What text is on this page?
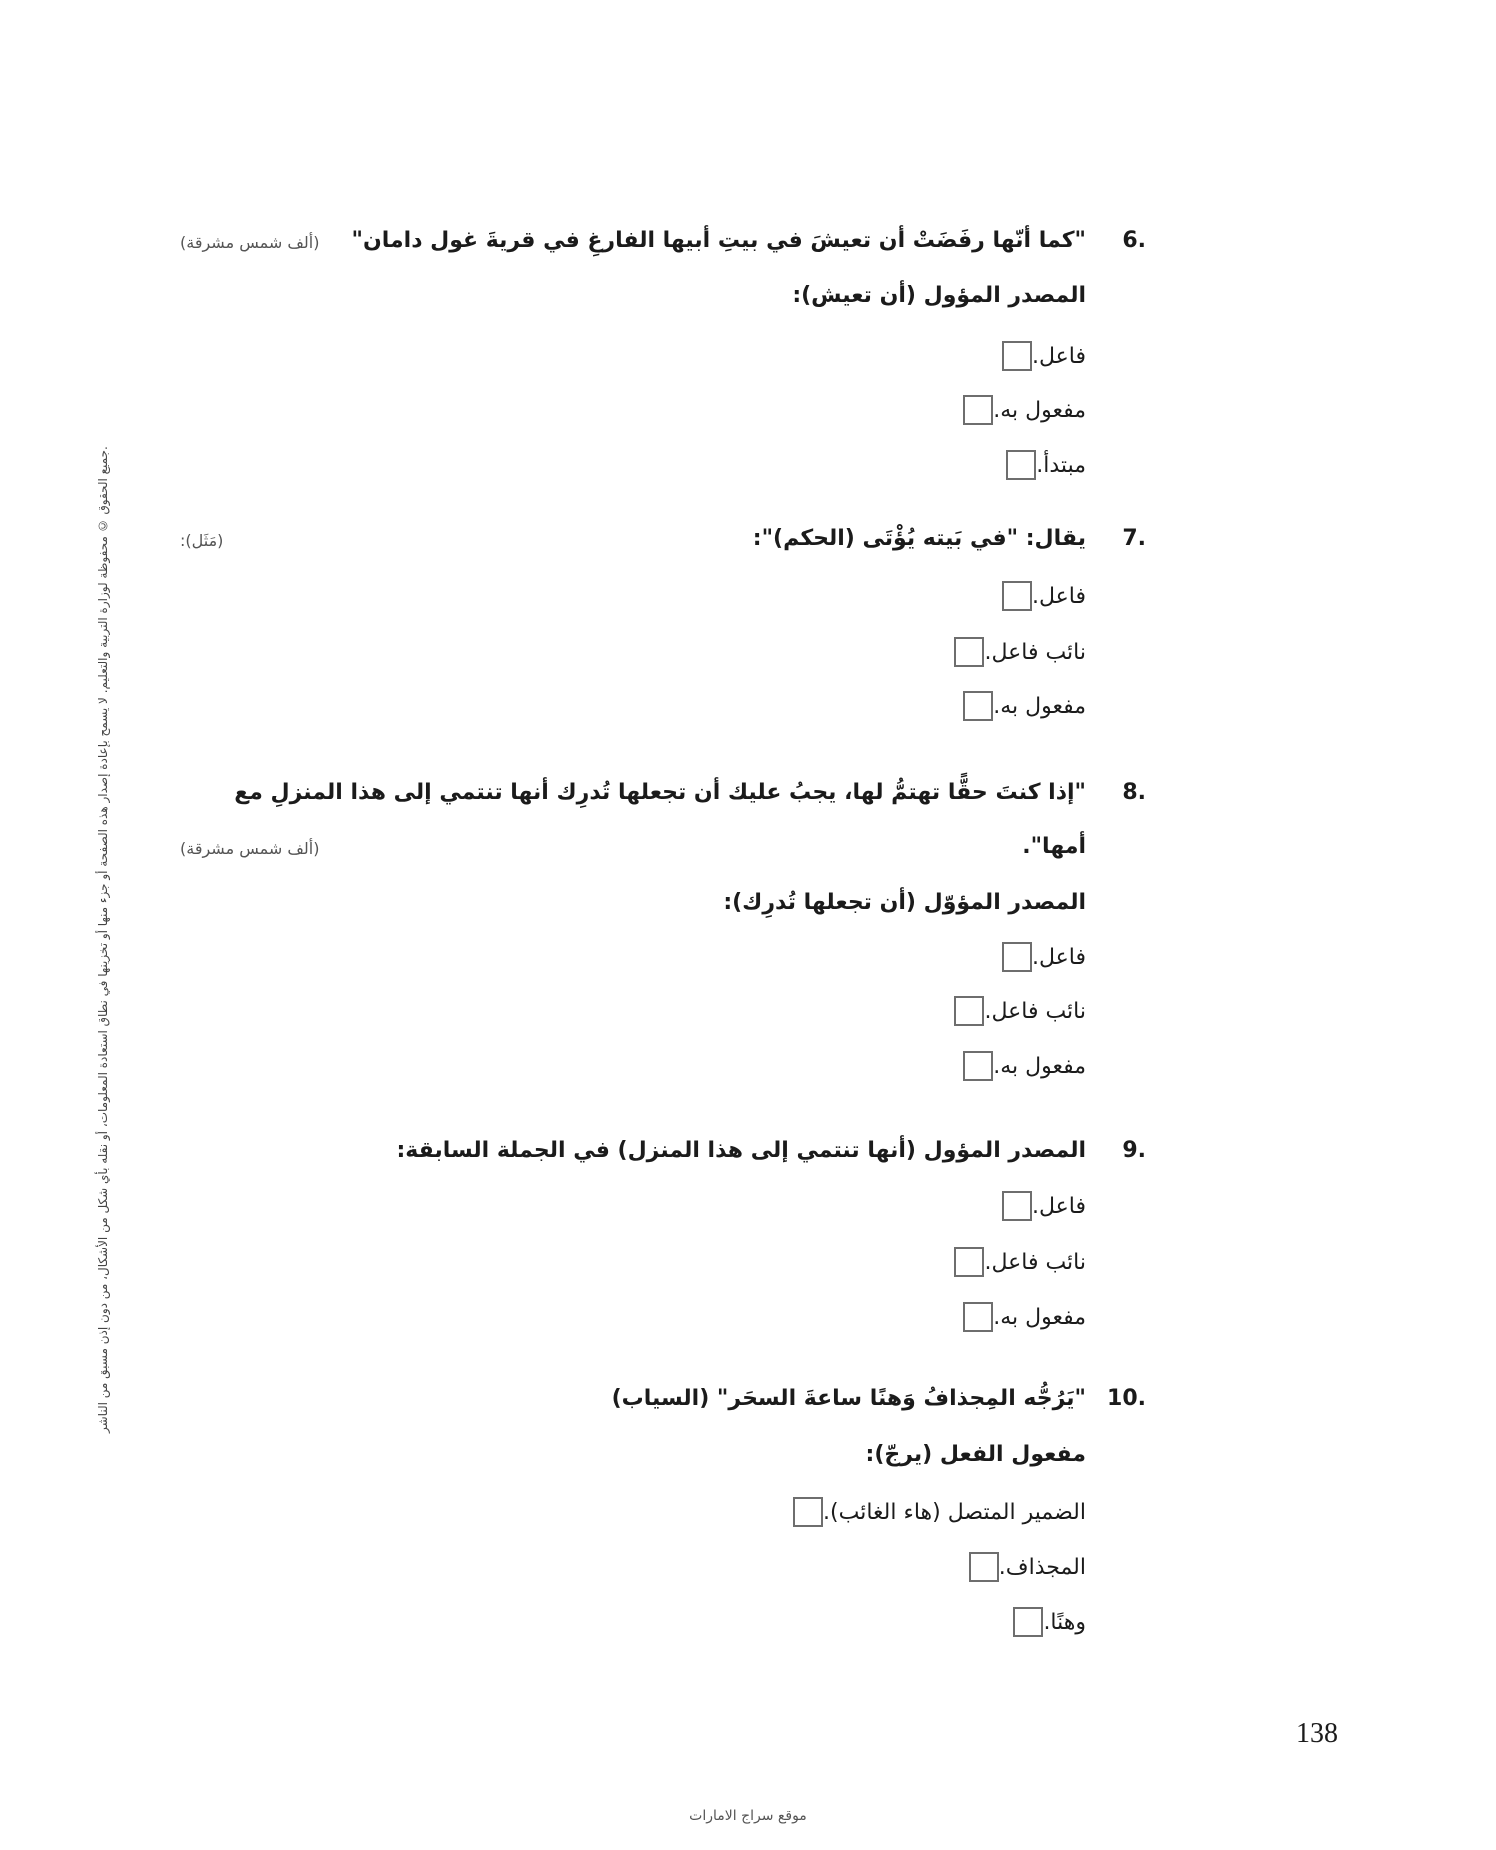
جميع الحقوق © محفوظة لوزارة التربية والتعليم. لا يسمح بإعادة إصدار هذه الصفحة أو جزء منها أو تخزينها في نطاق استعادة المعلومات، أو نقله بأي شكل من الأشكال، من دون إذن مسبق من الناشر.
6.
"كما أنّها رفَضَتْ أن تعيشَ في بيتِ أبيها الفارغِ في قريةَ غول دامان"
(ألف شمس مشرقة)
المصدر المؤول (أن تعيش):
فاعل.
مفعول به.
مبتدأ.
7.
يقال: "في بَيته يُؤْتَى (الحكم)":
(مَثَل):
فاعل.
نائب فاعل.
مفعول به.
8.
"إذا كنتَ حقًّا تهتمُّ لها، يجبُ عليك أن تجعلها تُدرِك أنها تنتمي إلى هذا المنزلِ مع
أمها".
(ألف شمس مشرقة)
المصدر المؤوّل (أن تجعلها تُدرِك):
فاعل.
نائب فاعل.
مفعول به.
9.
المصدر المؤول (أنها تنتمي إلى هذا المنزل) في الجملة السابقة:
فاعل.
نائب فاعل.
مفعول به.
10.
"يَرُجُّه المِجذافُ وَهنًا ساعةَ السحَر" (السياب)
مفعول الفعل (يرجّ):
الضمير المتصل (هاء الغائب).
المجذاف.
وهنًا.
138
موقع سراج الامارات
